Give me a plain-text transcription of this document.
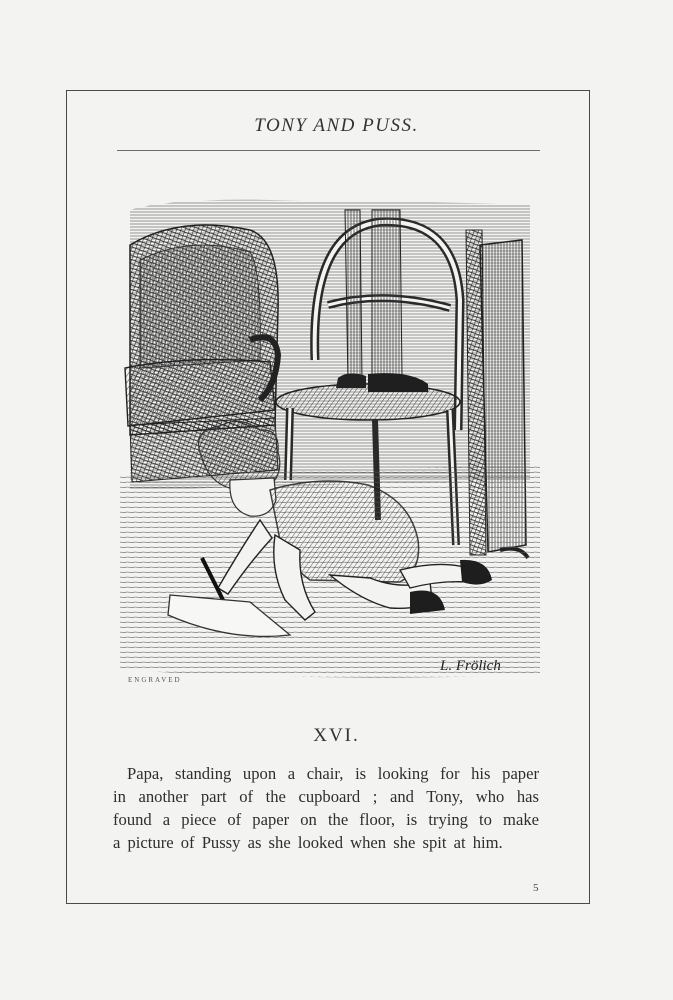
TONY AND PUSS.
ENGRAVED
L. Frölich
XVI.
Papa, standing upon a chair, is looking for his paper
in another part of the cupboard ; and Tony, who has
found a piece of paper on the floor, is trying to make
a picture of Pussy as she looked when she spit at him.
5
